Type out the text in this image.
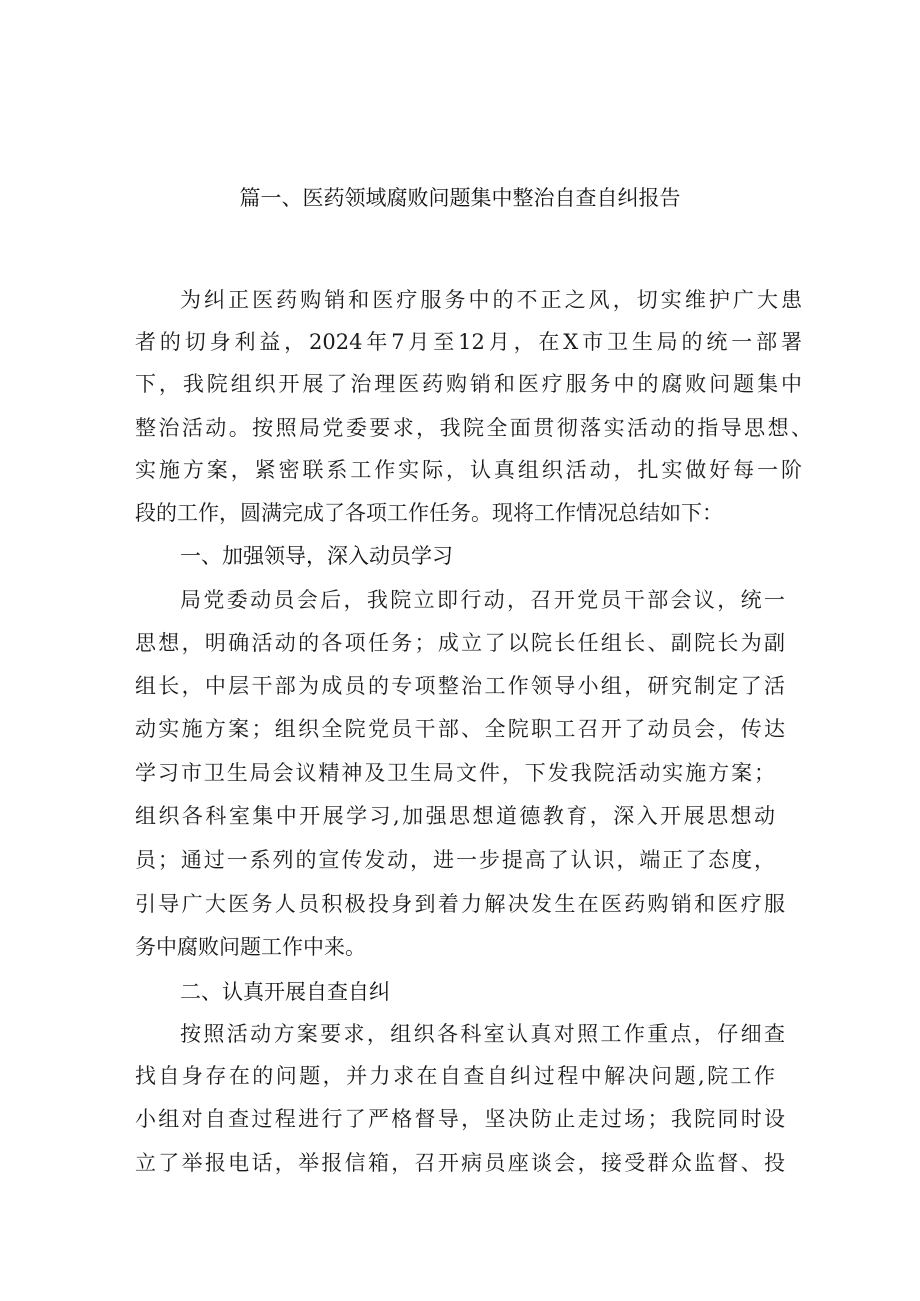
篇一、医药领域腐败问题集中整治自查自纠报告
为纠正医药购销和医疗服务中的不正之风，切实维护广大患
者的切身利益，2024年7月至12月，在X市卫生局的统一部署
下，我院组织开展了治理医药购销和医疗服务中的腐败问题集中
整治活动。按照局党委要求，我院全面贯彻落实活动的指导思想、
实施方案，紧密联系工作实际，认真组织活动，扎实做好每一阶
段的工作，圆满完成了各项工作任务。现将工作情况总结如下：
一、加强领导，深入动员学习
局党委动员会后，我院立即行动，召开党员干部会议，统一
思想，明确活动的各项任务；成立了以院长任组长、副院长为副
组长，中层干部为成员的专项整治工作领导小组，研究制定了活
动实施方案；组织全院党员干部、全院职工召开了动员会，传达
学习市卫生局会议精神及卫生局文件，下发我院活动实施方案；
组织各科室集中开展学习,加强思想道德教育，深入开展思想动
员；通过一系列的宣传发动，进一步提高了认识，端正了态度，
引导广大医务人员积极投身到着力解决发生在医药购销和医疗服
务中腐败问题工作中来。
二、认真开展自查自纠
按照活动方案要求，组织各科室认真对照工作重点，仔细查
找自身存在的问题，并力求在自查自纠过程中解决问题,院工作
小组对自查过程进行了严格督导，坚决防止走过场；我院同时设
立了举报电话，举报信箱，召开病员座谈会，接受群众监督、投
